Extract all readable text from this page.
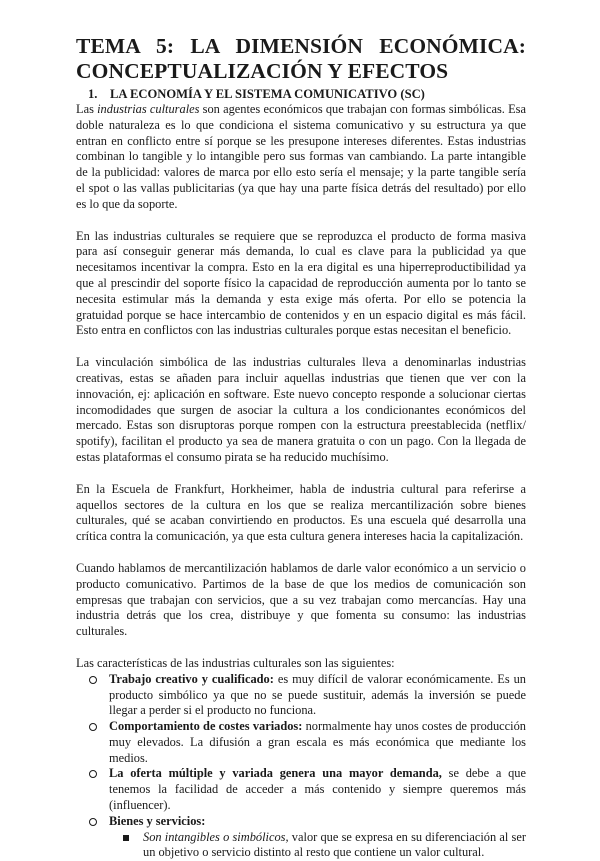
TEMA 5: LA DIMENSIÓN ECONÓMICA: CONCEPTUALIZACIÓN Y EFECTOS
1. LA ECONOMÍA Y EL SISTEMA COMUNICATIVO (SC)

Las industrias culturales son agentes económicos que trabajan con formas simbólicas. Esa doble naturaleza es lo que condiciona el sistema comunicativo y su estructura ya que entran en conflicto entre sí porque se les presupone intereses diferentes. Estas industrias combinan lo tangible y lo intangible pero sus formas van cambiando. La parte intangible de la publicidad: valores de marca por ello esto sería el mensaje; y la parte tangible sería el spot o las vallas publicitarias (ya que hay una parte física detrás del resultado) por ello es lo que da soporte.

En las industrias culturales se requiere que se reproduzca el producto de forma masiva para así conseguir generar más demanda, lo cual es clave para la publicidad ya que necesitamos incentivar la compra. Esto en la era digital es una hiperreproductibilidad ya que al prescindir del soporte físico la capacidad de reproducción aumenta por lo tanto se necesita estimular más la demanda y esta exige más oferta. Por ello se potencia la gratuidad porque se hace intercambio de contenidos y en un espacio digital es más fácil. Esto entra en conflictos con las industrias culturales porque estas necesitan el beneficio.

La vinculación simbólica de las industrias culturales lleva a denominarlas industrias creativas, estas se añaden para incluir aquellas industrias que tienen que ver con la innovación, ej: aplicación en software. Este nuevo concepto responde a solucionar ciertas incomodidades que surgen de asociar la cultura a los condicionantes económicos del mercado. Estas son disruptoras porque rompen con la estructura preestablecida (netflix/ spotify), facilitan el producto ya sea de manera gratuita o con un pago. Con la llegada de estas plataformas el consumo pirata se ha reducido muchísimo.

En la Escuela de Frankfurt, Horkheimer, habla de industria cultural para referirse a aquellos sectores de la cultura en los que se realiza mercantilización sobre bienes culturales, qué se acaban convirtiendo en productos. Es una escuela qué desarrolla una crítica contra la comunicación, ya que esta cultura genera intereses hacia la capitalización.

Cuando hablamos de mercantilización hablamos de darle valor económico a un servicio o producto comunicativo. Partimos de la base de que los medios de comunicación son empresas que trabajan con servicios, que a su vez trabajan como mercancías. Hay una industria detrás que los crea, distribuye y que fomenta su consumo: las industrias culturales.

Las características de las industrias culturales son las siguientes:

Trabajo creativo y cualificado: es muy difícil de valorar económicamente. Es un producto simbólico ya que no se puede sustituir, además la inversión se puede llegar a perder si el producto no funciona.
Comportamiento de costes variados: normalmente hay unos costes de producción muy elevados. La difusión a gran escala es más económica que mediante los medios.
La oferta múltiple y variada genera una mayor demanda, se debe a que tenemos la facilidad de acceder a más contenido y siempre queremos más (influencer).
Bienes y servicios:
Son intangibles o simbólicos, valor que se expresa en su diferenciación al ser un objetivo o servicio distinto al resto que contiene un valor cultural.
